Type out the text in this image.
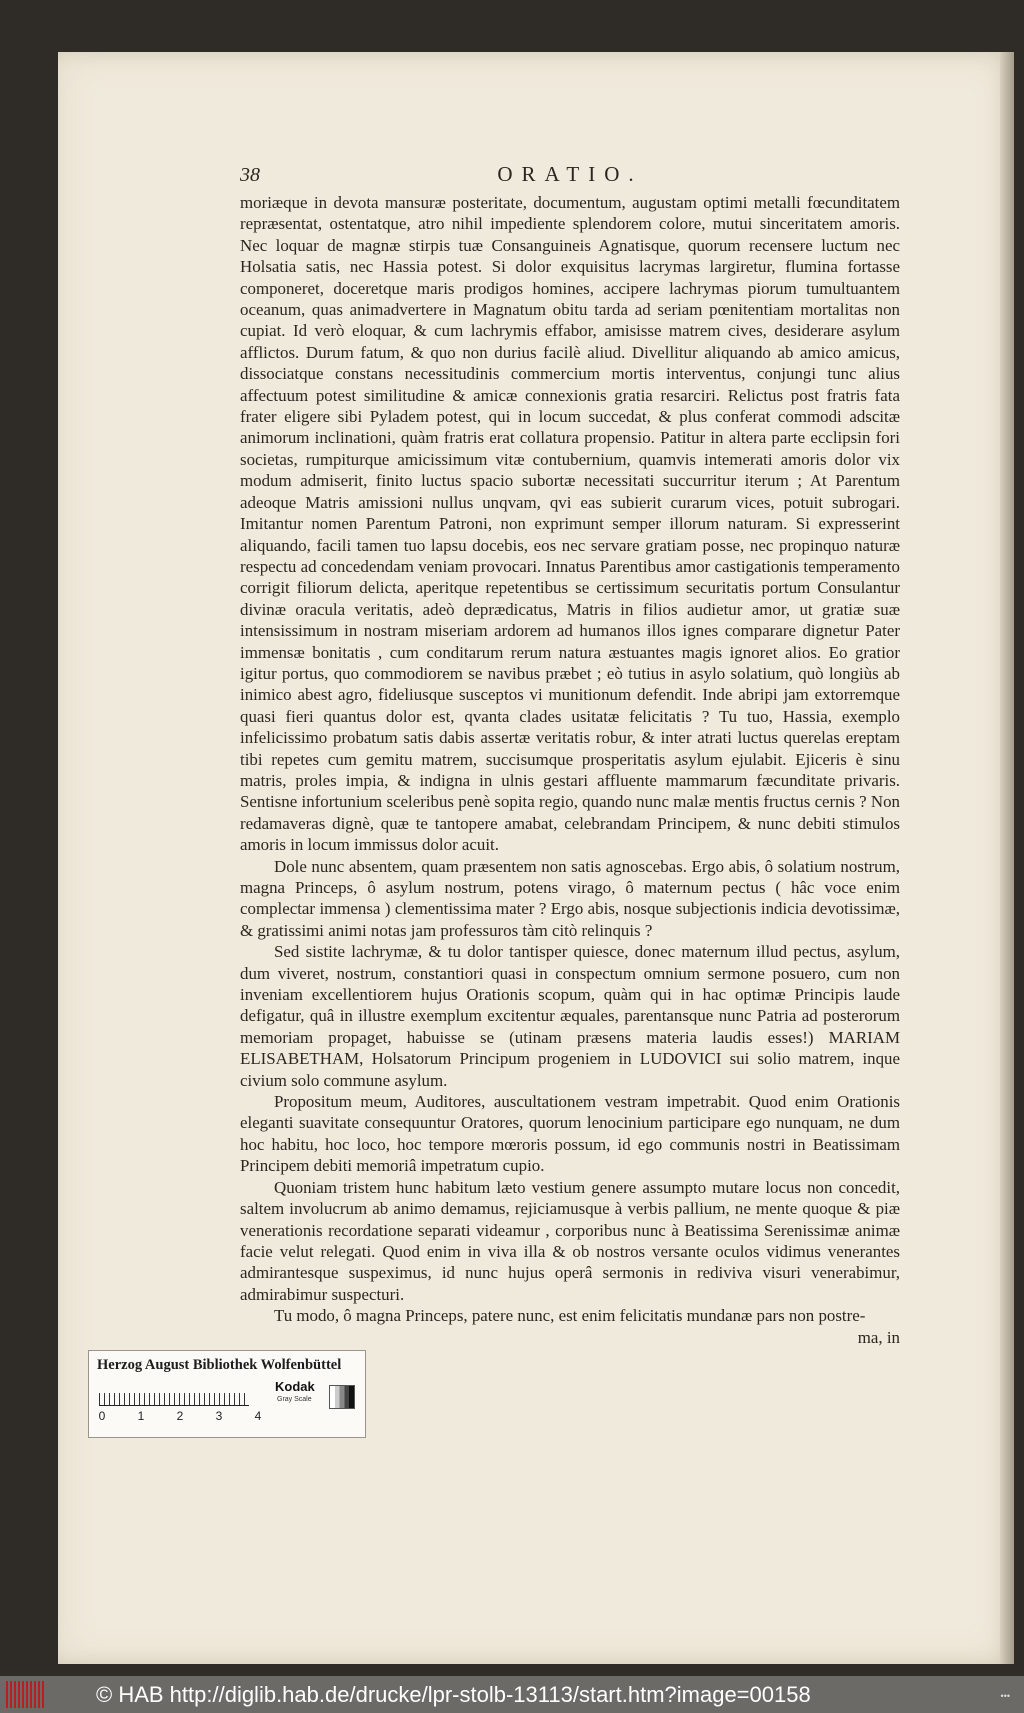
38	ORATIO.

moriæque in devota mansuræ posteritate, documentum, augustam optimi metalli fœcunditatem repræsentat, ostentatque, atro nihil impediente splendorem colore, mutui sinceritatem amoris. Nec loquar de magnæ stirpis tuæ Consanguineis Agnatisque, quorum recensere luctum nec Holsatia satis, nec Hassia potest. Si dolor exquisitus lacrymas largiretur, flumina fortasse componeret, doceretque maris prodigos homines, accipere lachrymas piorum tumultuantem oceanum, quas animadvertere in Magnatum obitu tarda ad seriam pœnitentiam mortalitas non cupiat. Id verò eloquar, & cum lachrymis effabor, amisisse matrem cives, desiderare asylum afflictos. Durum fatum, & quo non durius facilè aliud. Divellitur aliquando ab amico amicus, dissociatque constans necessitudinis commercium mortis interventus, conjungi tunc alius affectuum potest similitudine & amicæ connexionis gratia resarciri. Relictus post fratris fata frater eligere sibi Pyladem potest, qui in locum succedat, & plus conferat commodi adscitæ animorum inclinationi, quàm fratris erat collatura propensio. Patitur in altera parte ecclipsin fori societas, rumpiturque amicissimum vitæ contubernium, quamvis intemerati amoris dolor vix modum admiserit, finito luctus spacio subortæ necessitati succurritur iterum ; At Parentum adeoque Matris amissioni nullus unqvam, qvi eas subierit curarum vices, potuit subrogari. Imitantur nomen Parentum Patroni, non exprimunt semper illorum naturam. Si expresserint aliquando, facili tamen tuo lapsu docebis, eos nec servare gratiam posse, nec propinquo naturæ respectu ad concedendam veniam provocari. Innatus Parentibus amor castigationis temperamento corrigit filiorum delicta, aperitque repetentibus se certissimum securitatis portum Consulantur divinæ oracula veritatis, adeò deprædicatus, Matris in filios audietur amor, ut gratiæ suæ intensissimum in nostram miseriam ardorem ad humanos illos ignes comparare dignetur Pater immensæ bonitatis , cum conditarum rerum natura æstuantes magis ignoret alios. Eo gratior igitur portus, quo commodiorem se navibus præbet ; eò tutius in asylo solatium, quò longiùs ab inimico abest agro, fideliusque susceptos vi munitionum defendit. Inde abripi jam extorremque quasi fieri quantus dolor est, qvanta clades usitatæ felicitatis ? Tu tuo, Hassia, exemplo infelicissimo probatum satis dabis assertæ veritatis robur, & inter atrati luctus querelas ereptam tibi repetes cum gemitu matrem, succisumque prosperitatis asylum ejulabit. Ejiceris è sinu matris, proles impia, & indigna in ulnis gestari affluente mammarum fæcunditate privaris. Sentisne infortunium sceleribus penè sopita regio, quando nunc malæ mentis fructus cernis ? Non redamaveras dignè, quæ te tantopere amabat, celebrandam Principem, & nunc debiti stimulos amoris in locum immissus dolor acuit.

Dole nunc absentem, quam præsentem non satis agnoscebas. Ergo abis, ô solatium nostrum, magna Princeps, ô asylum nostrum, potens virago, ô maternum pectus ( hâc voce enim complectar immensa ) clementissima mater ? Ergo abis, nosque subjectionis indicia devotissimæ, & gratissimi animi notas jam professuros tàm citò relinquis ?

Sed sistite lachrymæ, & tu dolor tantisper quiesce, donec maternum illud pectus, asylum, dum viveret, nostrum, constantiori quasi in conspectum omnium sermone posuero, cum non inveniam excellentiorem hujus Orationis scopum, quàm qui in hac optimæ Principis laude defigatur, quâ in illustre exemplum excitentur æquales, parentansque nunc Patria ad posterorum memoriam propaget, habuisse se (utinam præsens materia laudis esses!) MARIAM ELISABETHAM, Holsatorum Principum progeniem in LUDOVICI sui solio matrem, inque civium solo commune asylum.

Propositum meum, Auditores, auscultationem vestram impetrabit. Quod enim Orationis eleganti suavitate consequuntur Oratores, quorum lenocinium participare ego nunquam, ne dum hoc habitu, hoc loco, hoc tempore mœroris possum, id ego communis nostri in Beatissimam Principem debiti memoriâ impetratum cupio.

Quoniam tristem hunc habitum læto vestium genere assumpto mutare locus non concedit, saltem involucrum ab animo demamus, rejiciamusque à verbis pallium, ne mente quoque & piæ venerationis recordatione separati videamur , corporibus nunc à Beatissima Serenissimæ animæ facie velut relegati. Quod enim in viva illa & ob nostros versante oculos vidimus venerantes admirantesque suspeximus, id nunc hujus operâ sermonis in rediviva visuri venerabimur, admirabimur suspecturi.

Tu modo, ô magna Princeps, patere nunc, est enim felicitatis mundanæ pars non postre-

ma, in
Herzog August Bibliothek Wolfenbüttel
0	1	2	3	4
Kodak
Gray Scale
© HAB http://diglib.hab.de/drucke/lpr-stolb-13113/start.htm?image=00158	•••
